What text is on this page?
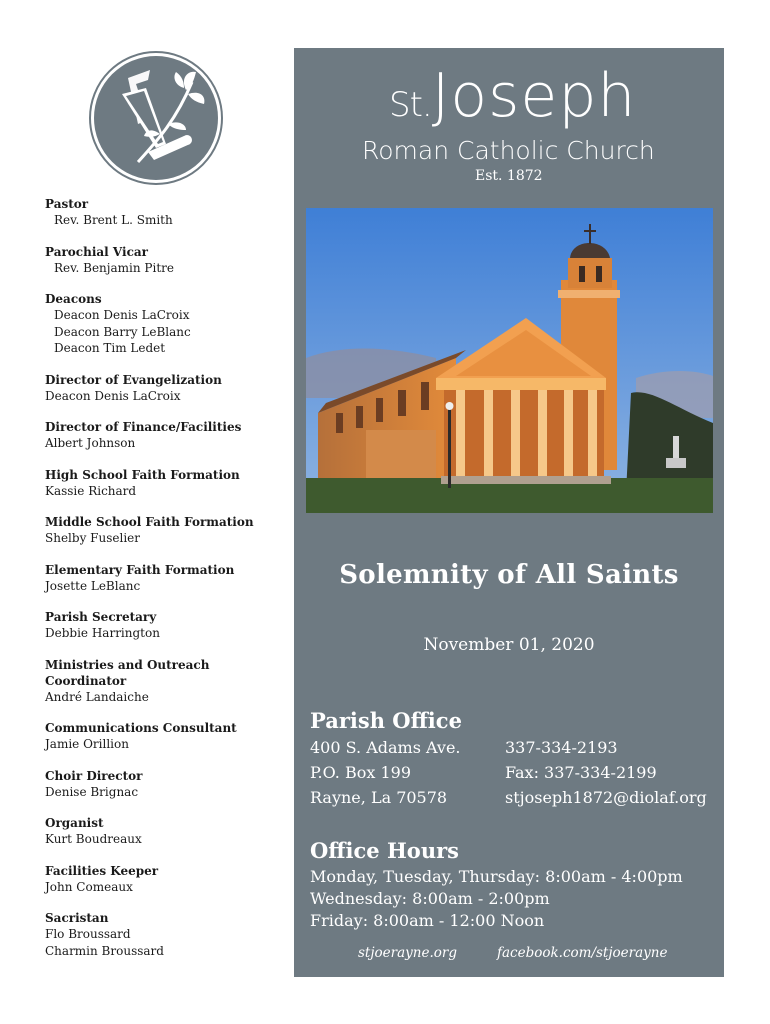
Pastor
Rev. Brent L. Smith
Parochial Vicar
Rev. Benjamin Pitre
Deacons
Deacon Denis LaCroix
Deacon Barry LeBlanc
Deacon Tim Ledet
Director of Evangelization
Deacon Denis LaCroix
Director of Finance/Facilities
Albert Johnson
High School Faith Formation
Kassie Richard
Middle School Faith Formation
Shelby Fuselier
Elementary Faith Formation
Josette LeBlanc
Parish Secretary
Debbie Harrington
Ministries and Outreach Coordinator
André Landaiche
Communications Consultant
Jamie Orillion
Choir Director
Denise Brignac
Organist
Kurt Boudreaux
Facilities Keeper
John Comeaux
Sacristan
Flo Broussard
Charmin Broussard
St.Joseph
Roman Catholic Church
Est. 1872
Solemnity of All Saints
November 01, 2020
Parish Office
400 S. Adams Ave.
P.O. Box 199
Rayne, La 70578
337-334-2193
Fax: 337-334-2199
stjoseph1872@diolaf.org
Office Hours
Monday, Tuesday, Thursday: 8:00am - 4:00pm
Wednesday: 8:00am - 2:00pm
Friday: 8:00am - 12:00 Noon
stjoerayne.org	facebook.com/stjoerayne
